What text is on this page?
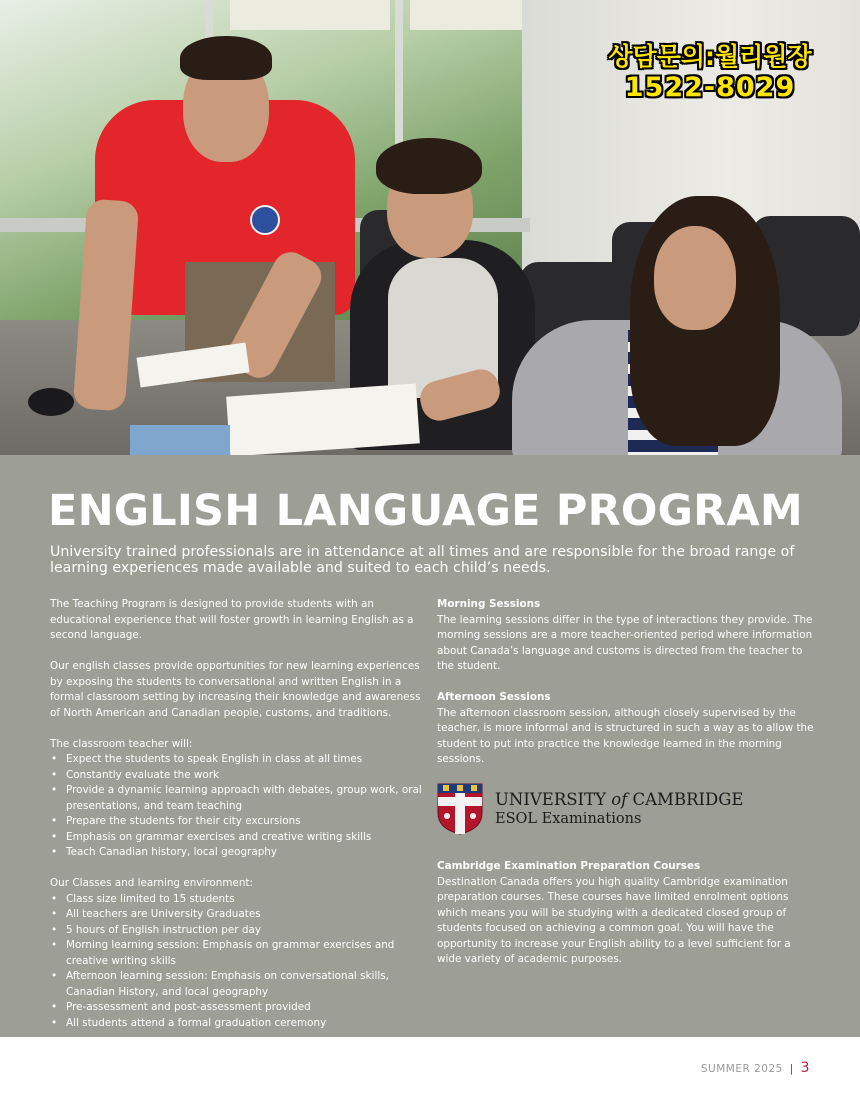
상담문의:월리원장
1522-8029
ENGLISH LANGUAGE PROGRAM

University trained professionals are in attendance at all times and are responsible for the broad range of learning experiences made available and suited to each child’s needs.

The Teaching Program is designed to provide students with an educational experience that will foster growth in learning English as a second language.

Our english classes provide opportunities for new learning experiences by exposing the students to conversational and written English in a formal classroom setting by increasing their knowledge and awareness of North American and Canadian people, customs, and traditions.

The classroom teacher will:
• Expect the students to speak English in class at all times
• Constantly evaluate the work
• Provide a dynamic learning approach with debates, group work, oral presentations, and team teaching
• Prepare the students for their city excursions
• Emphasis on grammar exercises and creative writing skills
• Teach Canadian history, local geography
Our Classes and learning environment:
• Class size limited to 15 students
• All teachers are University Graduates
• 5 hours of English instruction per day
• Morning learning session: Emphasis on grammar exercises and creative writing skills
• Afternoon learning session: Emphasis on conversational skills, Canadian History, and local geography
• Pre-assessment and post-assessment provided
• All students attend a formal graduation ceremony
Morning Sessions

The learning sessions differ in the type of interactions they provide. The morning sessions are a more teacher-oriented period where information about Canada’s language and customs is directed from the teacher to the student.

Afternoon Sessions

The afternoon classroom session, although closely supervised by the teacher, is more informal and is structured in such a way as to allow the student to put into practice the knowledge learned in the morning sessions.

UNIVERSITY of CAMBRIDGE
ESOL Examinations
Cambridge Examination Preparation Courses

Destination Canada offers you high quality Cambridge examination preparation courses. These courses have limited enrolment options which means you will be studying with a dedicated closed group of students focused on achieving a common goal. You will have the opportunity to increase your English ability to a level sufficient for a wide variety of academic purposes.

SUMMER 2025 | 3
